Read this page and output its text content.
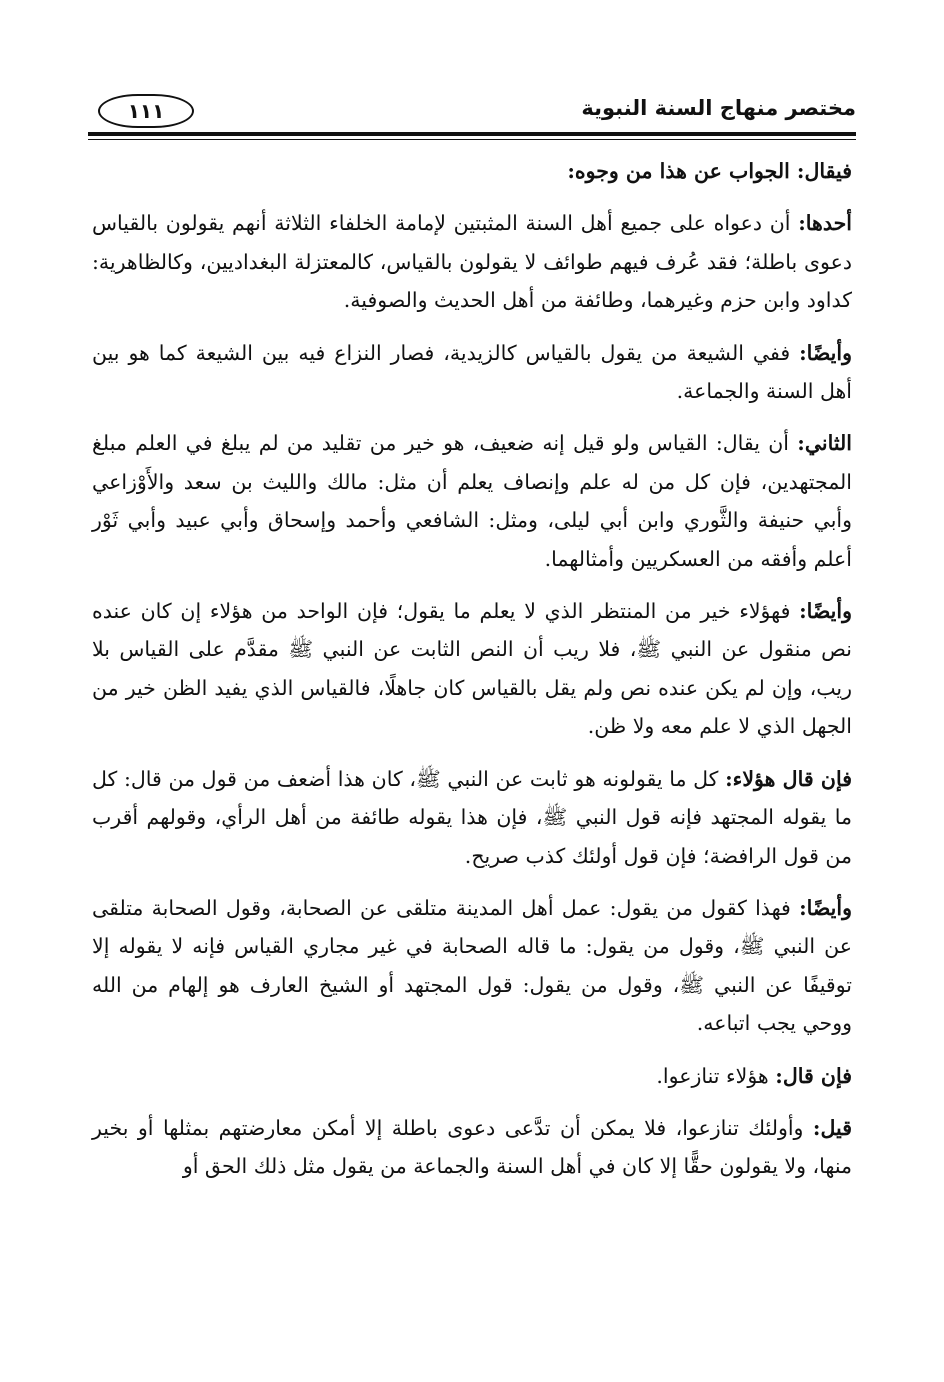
مختصر منهاج السنة النبوية
١١١

فيقال: الجواب عن هذا من وجوه:

أحدها: أن دعواه على جميع أهل السنة المثبتين لإمامة الخلفاء الثلاثة أنهم يقولون بالقياس دعوى باطلة؛ فقد عُرف فيهم طوائف لا يقولون بالقياس، كالمعتزلة البغداديين، وكالظاهرية: كداود وابن حزم وغيرهما، وطائفة من أهل الحديث والصوفية.

وأيضًا: ففي الشيعة من يقول بالقياس كالزيدية، فصار النزاع فيه بين الشيعة كما هو بين أهل السنة والجماعة.

الثاني: أن يقال: القياس ولو قيل إنه ضعيف، هو خير من تقليد من لم يبلغ في العلم مبلغ المجتهدين، فإن كل من له علم وإنصاف يعلم أن مثل: مالك والليث بن سعد والأَوْزاعي وأبي حنيفة والثَّوري وابن أبي ليلى، ومثل: الشافعي وأحمد وإسحاق وأبي عبيد وأبي ثَوْر أعلم وأفقه من العسكريين وأمثالهما.

وأيضًا: فهؤلاء خير من المنتظر الذي لا يعلم ما يقول؛ فإن الواحد من هؤلاء إن كان عنده نص منقول عن النبي ﷺ، فلا ريب أن النص الثابت عن النبي ﷺ مقدَّم على القياس بلا ريب، وإن لم يكن عنده نص ولم يقل بالقياس كان جاهلًا، فالقياس الذي يفيد الظن خير من الجهل الذي لا علم معه ولا ظن.

فإن قال هؤلاء: كل ما يقولونه هو ثابت عن النبي ﷺ، كان هذا أضعف من قول من قال: كل ما يقوله المجتهد فإنه قول النبي ﷺ، فإن هذا يقوله طائفة من أهل الرأي، وقولهم أقرب من قول الرافضة؛ فإن قول أولئك كذب صريح.

وأيضًا: فهذا كقول من يقول: عمل أهل المدينة متلقى عن الصحابة، وقول الصحابة متلقى عن النبي ﷺ، وقول من يقول: ما قاله الصحابة في غير مجاري القياس فإنه لا يقوله إلا توقيفًا عن النبي ﷺ، وقول من يقول: قول المجتهد أو الشيخ العارف هو إلهام من الله ووحي يجب اتباعه.

فإن قال: هؤلاء تنازعوا.

قيل: وأولئك تنازعوا، فلا يمكن أن تدَّعى دعوى باطلة إلا أمكن معارضتهم بمثلها أو بخير منها، ولا يقولون حقًّا إلا كان في أهل السنة والجماعة من يقول مثل ذلك الحق أو
